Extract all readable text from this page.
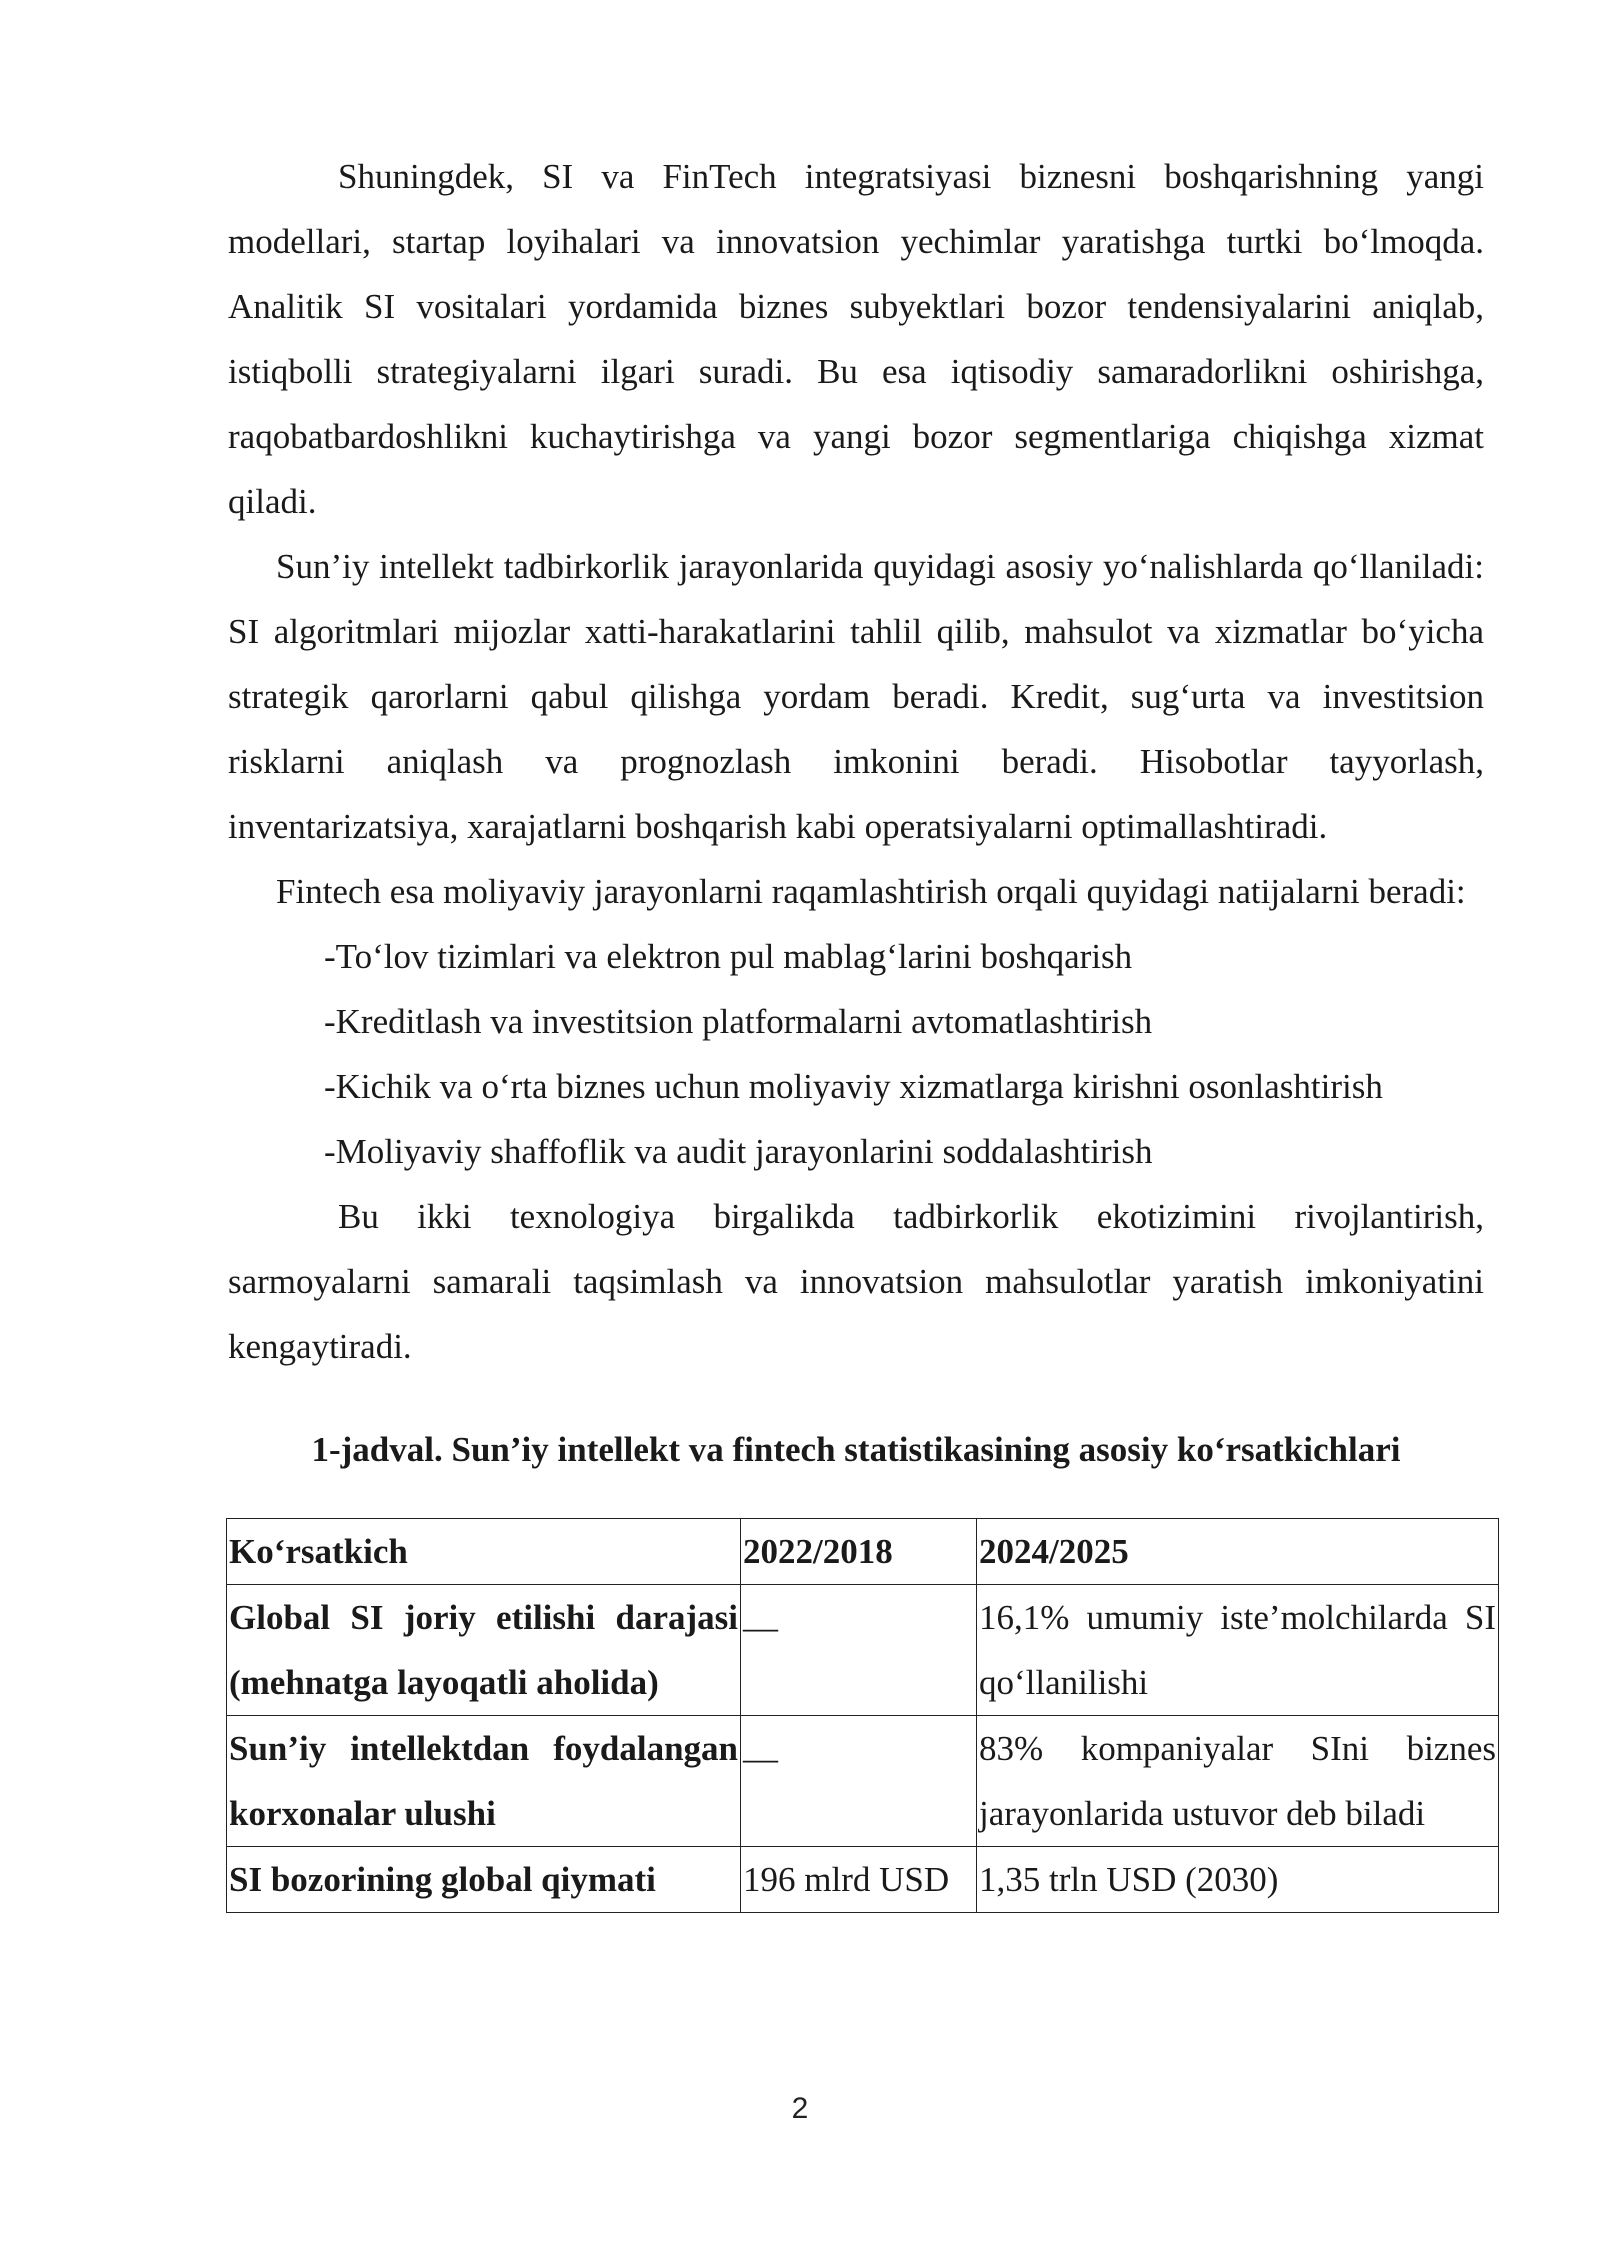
Shuningdek, SI va FinTech integratsiyasi biznesni boshqarishning yangi modellari, startap loyihalari va innovatsion yechimlar yaratishga turtki boʻlmoqda. Analitik SI vositalari yordamida biznes subyektlari bozor tendensiyalarini aniqlab, istiqbolli strategiyalarni ilgari suradi. Bu esa iqtisodiy samaradorlikni oshirishga, raqobatbardoshlikni kuchaytirishga va yangi bozor segmentlariga chiqishga xizmat qiladi.

Sun’iy intellekt tadbirkorlik jarayonlarida quyidagi asosiy yoʻnalishlarda qoʻllaniladi: SI algoritmlari mijozlar xatti-harakatlarini tahlil qilib, mahsulot va xizmatlar boʻyicha strategik qarorlarni qabul qilishga yordam beradi. Kredit, sugʻurta va investitsion risklarni aniqlash va prognozlash imkonini beradi. Hisobotlar tayyorlash, inventarizatsiya, xarajatlarni boshqarish kabi operatsiyalarni optimallashtiradi.

Fintech esa moliyaviy jarayonlarni raqamlashtirish orqali quyidagi natijalarni beradi:

-Toʻlov tizimlari va elektron pul mablagʻlarini boshqarish
-Kreditlash va investitsion platformalarni avtomatlashtirish
-Kichik va oʻrta biznes uchun moliyaviy xizmatlarga kirishni osonlashtirish
-Moliyaviy shaffoflik va audit jarayonlarini soddalashtirish

Bu ikki texnologiya birgalikda tadbirkorlik ekotizimini rivojlantirish, sarmoyalarni samarali taqsimlash va innovatsion mahsulotlar yaratish imkoniyatini kengaytiradi.

1-jadval. Sun’iy intellekt va fintech statistikasining asosiy koʻrsatkichlari
Koʻrsatkich	2022/2018	2024/2025
Global SI joriy etilishi darajasi (mehnatga layoqatli aholida)	—	16,1% umumiy iste’molchilarda SI qoʻllanilishi
Sun’iy intellektdan foydalangan korxonalar ulushi	—	83% kompaniyalar SIni biznes jarayonlarida ustuvor deb biladi
SI bozorining global qiymati	196 mlrd USD	1,35 trln USD (2030)
2
